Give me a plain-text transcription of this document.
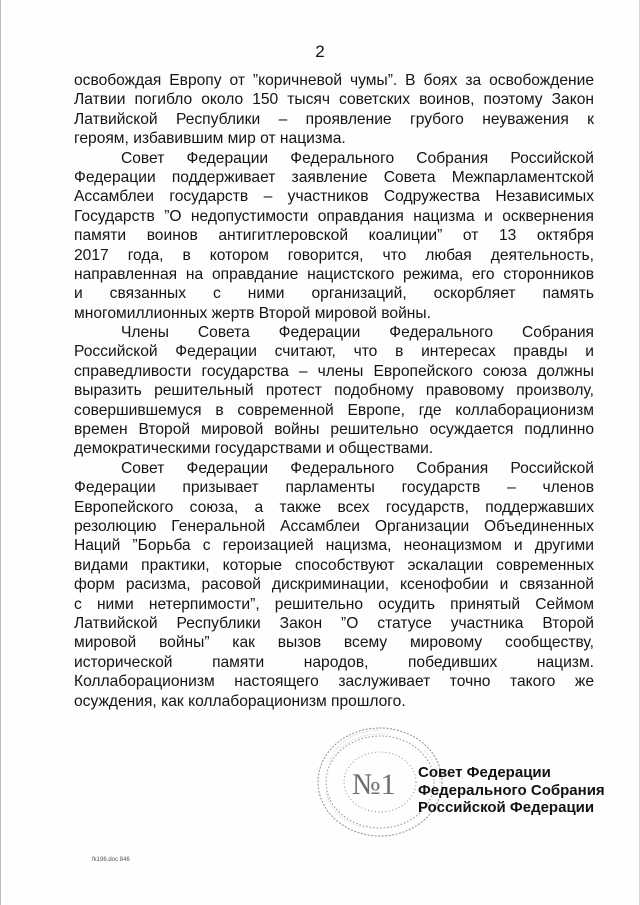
2
освобождая Европу от ”коричневой чумы”. В боях за освобождение
Латвии погибло около 150 тысяч советских воинов, поэтому Закон
Латвийской Республики – проявление грубого неуважения к
героям, избавившим мир от нацизма.
Совет Федерации Федерального Собрания Российской
Федерации поддерживает заявление Совета Межпарламентской
Ассамблеи государств – участников Содружества Независимых
Государств ”О недопустимости оправдания нацизма и осквернения
памяти воинов антигитлеровской коалиции” от 13 октября
2017 года, в котором говорится, что любая деятельность,
направленная на оправдание нацистского режима, его сторонников
и связанных с ними организаций, оскорбляет память
многомиллионных жертв Второй мировой войны.
Члены Совета Федерации Федерального Собрания
Российской Федерации считают, что в интересах правды и
справедливости государства – члены Европейского союза должны
выразить решительный протест подобному правовому произволу,
совершившемуся в современной Европе, где коллаборационизм
времен Второй мировой войны решительно осуждается подлинно
демократическими государствами и обществами.
Совет Федерации Федерального Собрания Российской
Федерации призывает парламенты государств – членов
Европейского союза, а также всех государств, поддержавших
резолюцию Генеральной Ассамблеи Организации Объединенных
Наций ”Борьба с героизацией нацизма, неонацизмом и другими
видами практики, которые способствуют эскалации современных
форм расизма, расовой дискриминации, ксенофобии и связанной
с ними нетерпимости”, решительно осудить принятый Сеймом
Латвийской Республики Закон ”О статусе участника Второй
мировой войны” как вызов всему мировому сообществу,
исторической памяти народов, победивших нацизм.
Коллаборационизм настоящего заслуживает точно такого же
осуждения, как коллаборационизм прошлого.
№1 Совет Федерации
Федерального Собрания
Российской Федерации
fk196.doc 846
